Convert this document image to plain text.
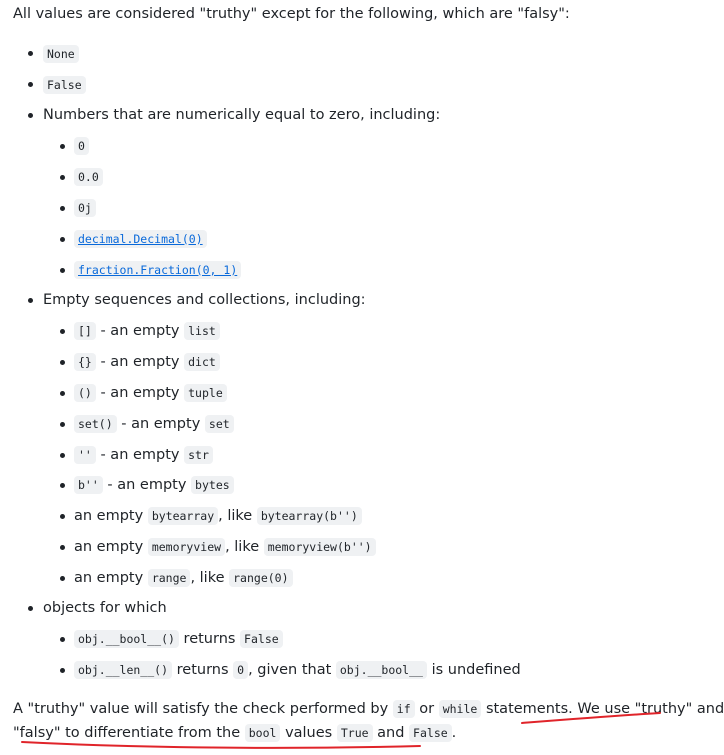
All values are considered "truthy" except for the following, which are "falsy":
None
False
Numbers that are numerically equal to zero, including:
0
0.0
0j
decimal.Decimal(0)
fraction.Fraction(0, 1)
Empty sequences and collections, including:
[] - an empty list
{} - an empty dict
() - an empty tuple
set() - an empty set
'' - an empty str
b'' - an empty bytes
an empty bytearray , like bytearray(b'')
an empty memoryview , like memoryview(b'')
an empty range , like range(0)
objects for which
obj.__bool__() returns False
obj.__len__() returns 0 , given that obj.__bool__ is undefined
A "truthy" value will satisfy the check performed by if or while statements. We use "truthy" and
"falsy" to differentiate from the bool values True and False .
